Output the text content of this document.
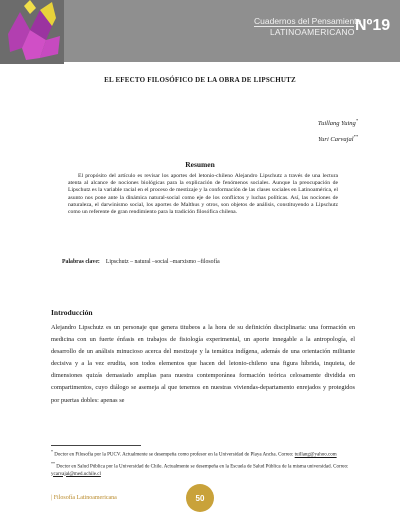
Cuadernos del Pensamiento
LATINOAMERICANO Nº19
EL EFECTO FILOSÓFICO DE LA OBRA DE LIPSCHUTZ
Tuillang Yuing*
Yuri Carvajal**
Resumen
El propósito del artículo es revisar los aportes del letonio-chileno Alejandro Lipschutz a través de una lectura atenta al alcance de nociones biológicas para la explicación de fenómenos sociales. Aunque la preocupación de Lipschutz es la variable racial en el proceso de mestizaje y la conformación de las clases sociales en Latinoamérica, el asunto nos pone ante la dinámica natural-social como eje de los conflictos y luchas políticas. Así, las nociones de naturaleza, el darwinismo social, los aportes de Malthus y otros, son objetos de análisis, constituyendo a Lipschutz como un referente de gran rendimiento para la tradición filosófica chilena.
Palabras clave: Lipschutz – natural –social –marxismo –filosofía
Introducción
Alejandro Lipschutz es un personaje que genera titubeos a la hora de su definición disciplinaria: una formación en medicina con un fuerte énfasis en trabajos de fisiología experimental, un aporte innegable a la antropología, el desarrollo de un análisis minucioso acerca del mestizaje y la temática indígena, además de una orientación militante decisiva y a la vez erudita, son todos elementos que hacen del letonio-chileno una figura híbrida, inquieta, de dimensiones quizás demasiado amplias para nuestra contemporánea formación teórica celosamente dividida en compartimentos, cuyo diálogo se asemeja al que tenemos en nuestras viviendas-departamento enrejados y protegidos por puertas dobles: apenas se

* Doctor en Filosofía por la PUCV. Actualmente se desempeña como profesor en la Universidad de Playa Ancha. Correo: tuillang@yahoo.com

** Doctor en Salud Pública por la Universidad de Chile. Actualmente se desempeña en la Escuela de Salud Pública de la misma universidad. Correo: ycarvajal@med.uchile.cl

| Filosofía Latinoamericana	50
